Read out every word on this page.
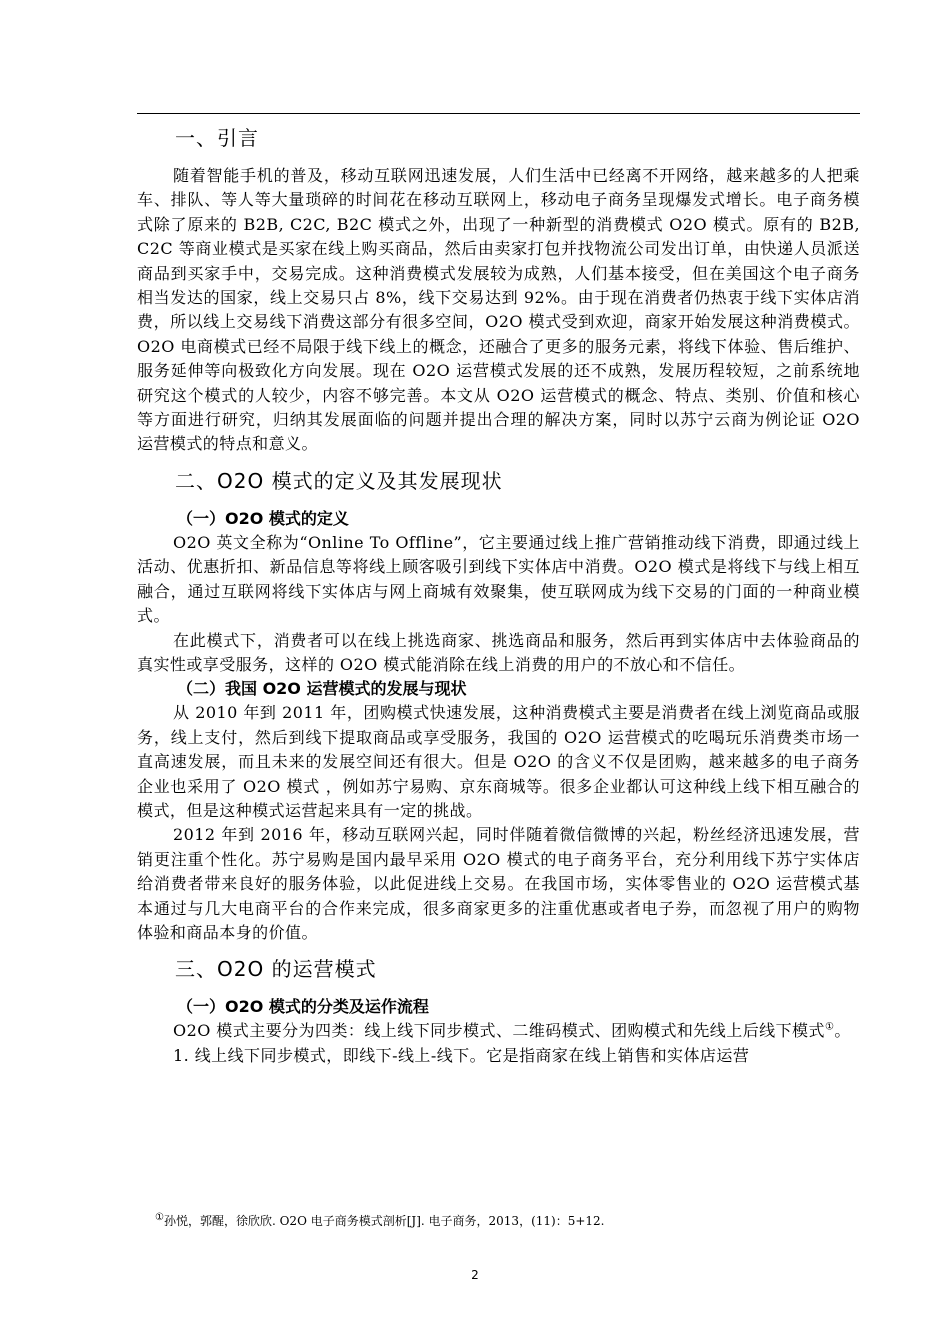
一、引言

随着智能手机的普及，移动互联网迅速发展，人们生活中已经离不开网络，越来越多的人把乘车、排队、等人等大量琐碎的时间花在移动互联网上，移动电子商务呈现爆发式增长。电子商务模式除了原来的 B2B, C2C, B2C 模式之外，出现了一种新型的消费模式 O2O 模式。原有的 B2B, C2C 等商业模式是买家在线上购买商品，然后由卖家打包并找物流公司发出订单，由快递人员派送商品到买家手中，交易完成。这种消费模式发展较为成熟，人们基本接受，但在美国这个电子商务相当发达的国家，线上交易只占 8%，线下交易达到 92%。由于现在消费者仍热衷于线下实体店消费，所以线上交易线下消费这部分有很多空间，O2O 模式受到欢迎，商家开始发展这种消费模式。O2O 电商模式已经不局限于线下线上的概念，还融合了更多的服务元素，将线下体验、售后维护、服务延伸等向极致化方向发展。现在 O2O 运营模式发展的还不成熟，发展历程较短，之前系统地研究这个模式的人较少，内容不够完善。本文从 O2O 运营模式的概念、特点、类别、价值和核心等方面进行研究，归纳其发展面临的问题并提出合理的解决方案，同时以苏宁云商为例论证 O2O 运营模式的特点和意义。

二、O2O 模式的定义及其发展现状
（一）O2O 模式的定义

O2O 英文全称为“Online To Offline”，它主要通过线上推广营销推动线下消费，即通过线上活动、优惠折扣、新品信息等将线上顾客吸引到线下实体店中消费。O2O 模式是将线下与线上相互融合，通过互联网将线下实体店与网上商城有效聚集，使互联网成为线下交易的门面的一种商业模式。

在此模式下，消费者可以在线上挑选商家、挑选商品和服务，然后再到实体店中去体验商品的真实性或享受服务，这样的 O2O 模式能消除在线上消费的用户的不放心和不信任。

（二）我国 O2O 运营模式的发展与现状

从 2010 年到 2011 年，团购模式快速发展，这种消费模式主要是消费者在线上浏览商品或服务，线上支付，然后到线下提取商品或享受服务，我国的 O2O 运营模式的吃喝玩乐消费类市场一直高速发展，而且未来的发展空间还有很大。但是 O2O 的含义不仅是团购，越来越多的电子商务企业也采用了 O2O 模式 ，例如苏宁易购、京东商城等。很多企业都认可这种线上线下相互融合的模式，但是这种模式运营起来具有一定的挑战。

2012 年到 2016 年，移动互联网兴起，同时伴随着微信微博的兴起，粉丝经济迅速发展，营销更注重个性化。苏宁易购是国内最早采用 O2O 模式的电子商务平台，充分利用线下苏宁实体店给消费者带来良好的服务体验，以此促进线上交易。在我国市场，实体零售业的 O2O 运营模式基本通过与几大电商平台的合作来完成，很多商家更多的注重优惠或者电子券，而忽视了用户的购物体验和商品本身的价值。

三、O2O 的运营模式
（一）O2O 模式的分类及运作流程

O2O 模式主要分为四类：线上线下同步模式、二维码模式、团购模式和先线上后线下模式①。

1. 线上线下同步模式，即线下-线上-线下。它是指商家在线上销售和实体店运营

①孙悦，郭醒，徐欣欣. O2O 电子商务模式剖析[J]. 电子商务，2013，(11)：5+12.
2
